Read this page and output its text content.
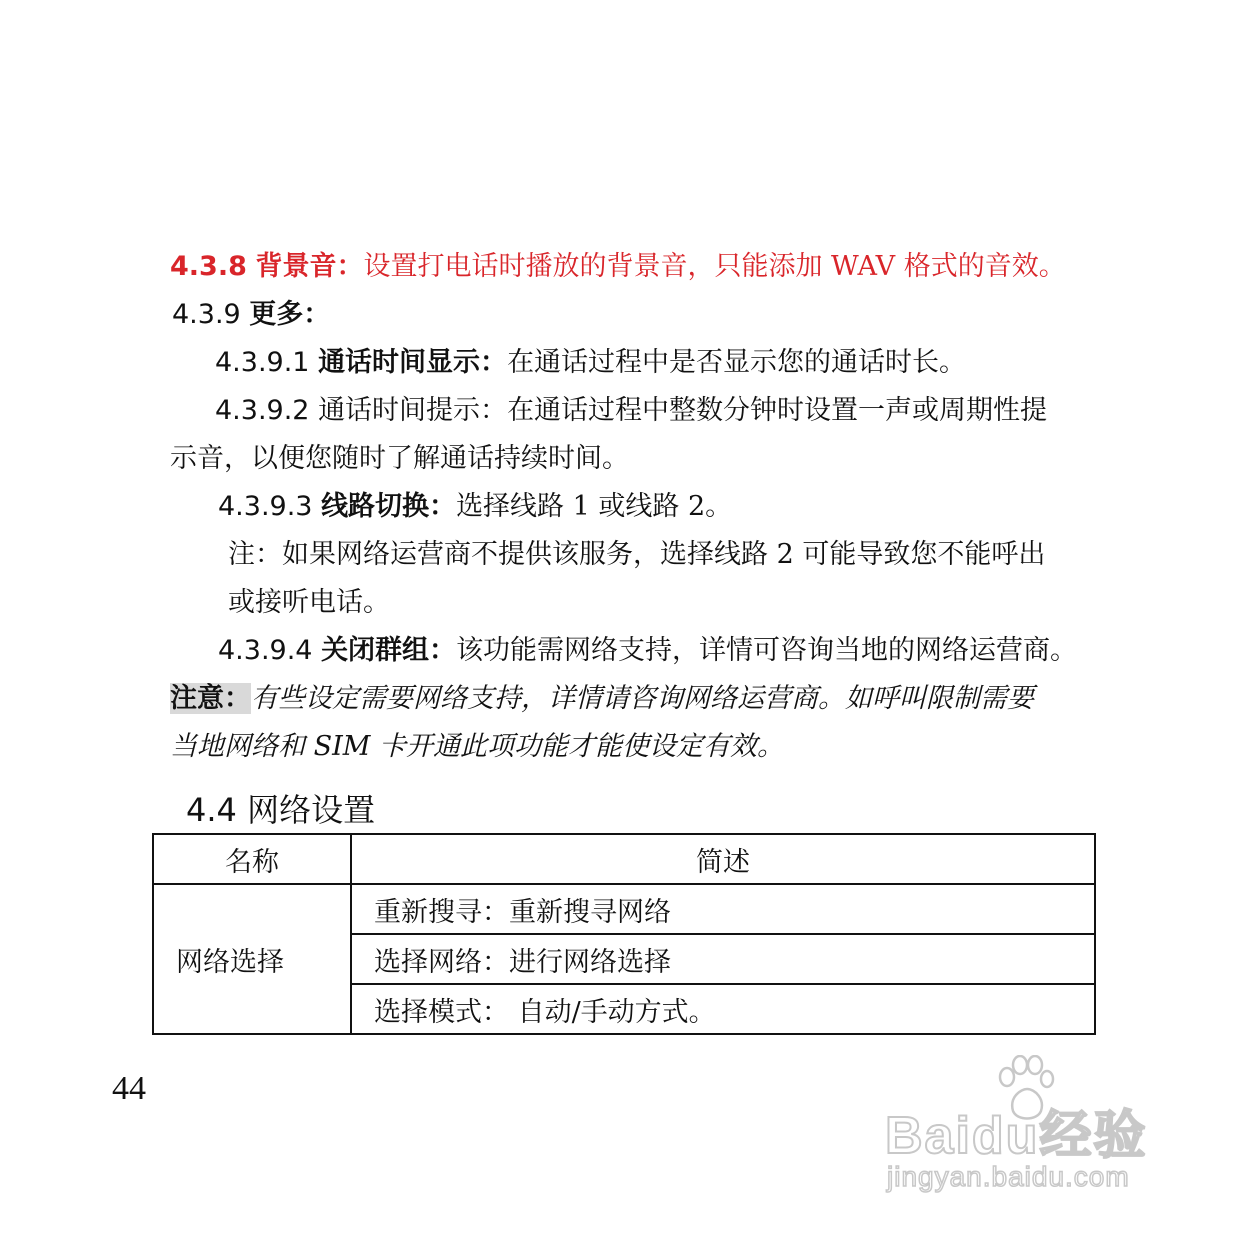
4.3.8 背景音：设置打电话时播放的背景音，只能添加 WAV 格式的音效。
4.3.9 更多：
4.3.9.1 通话时间显示：在通话过程中是否显示您的通话时长。
4.3.9.2 通话时间提示：在通话过程中整数分钟时设置一声或周期性提
示音，以便您随时了解通话持续时间。
4.3.9.3 线路切换：选择线路 1 或线路 2。
注：如果网络运营商不提供该服务，选择线路 2 可能导致您不能呼出
或接听电话。
4.3.9.4 关闭群组：该功能需网络支持，详情可咨询当地的网络运营商。
注意：有些设定需要网络支持，详情请咨询网络运营商。如呼叫限制需要
当地网络和 SIM 卡开通此项功能才能使设定有效。
4.4 网络设置
名称	简述
网络选择	重新搜寻：重新搜寻网络
	选择网络：进行网络选择
	选择模式： 自动/手动方式。
44
Baidu经验
jingyan.baidu.com
